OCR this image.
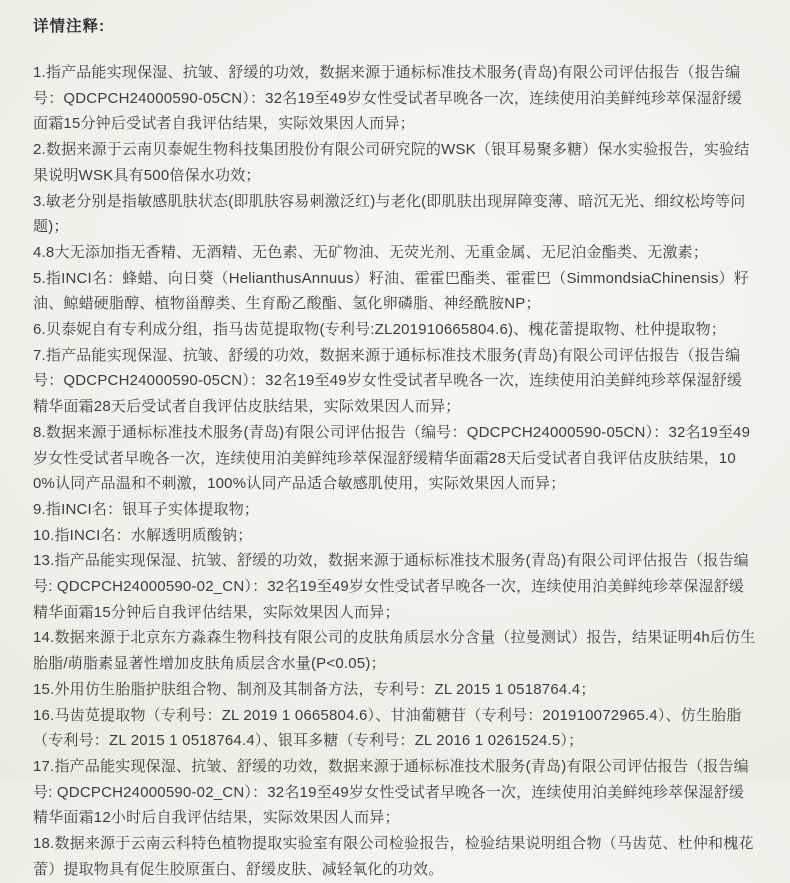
详情注释:

1.指产品能实现保湿、抗皱、舒缓的功效，数据来源于通标标准技术服务(青岛)有限公司评估报告（报告编号：QDCPCH24000590-05CN）：32名19至49岁女性受试者早晚各一次，连续使用泊美鲜纯珍萃保湿舒缓面霜15分钟后受试者自我评估结果，实际效果因人而异；

2.数据来源于云南贝泰妮生物科技集团股份有限公司研究院的WSK（银耳易聚多糖）保水实验报告，实验结果说明WSK具有500倍保水功效；

3.敏老分别是指敏感肌肤状态(即肌肤容易刺激泛红)与老化(即肌肤出现屏障变薄、暗沉无光、细纹松垮等问题)；

4.8大无添加指无香精、无酒精、无色素、无矿物油、无荧光剂、无重金属、无尼泊金酯类、无激素；

5.指INCI名：蜂蜡、向日葵（HelianthusAnnuus）籽油、霍霍巴酯类、霍霍巴（SimmondsiaChinensis）籽油、鲸蜡硬脂醇、植物甾醇类、生育酚乙酸酯、氢化卵磷脂、神经酰胺NP；

6.贝泰妮自有专利成分组，指马齿苋提取物(专利号:ZL201910665804.6)、槐花蕾提取物、杜仲提取物；

7.指产品能实现保湿、抗皱、舒缓的功效，数据来源于通标标准技术服务(青岛)有限公司评估报告（报告编号：QDCPCH24000590-05CN）：32名19至49岁女性受试者早晚各一次，连续使用泊美鲜纯珍萃保湿舒缓精华面霜28天后受试者自我评估皮肤结果，实际效果因人而异；

8.数据来源于通标标准技术服务(青岛)有限公司评估报告（编号：QDCPCH24000590-05CN）：32名19至49岁女性受试者早晚各一次，连续使用泊美鲜纯珍萃保湿舒缓精华面霜28天后受试者自我评估皮肤结果，100%认同产品温和不刺激，100%认同产品适合敏感肌使用，实际效果因人而异；

9.指INCI名：银耳子实体提取物；

10.指INCI名：水解透明质酸钠；

13.指产品能实现保湿、抗皱、舒缓的功效，数据来源于通标标准技术服务(青岛)有限公司评估报告（报告编号: QDCPCH24000590-02_CN）：32名19至49岁女性受试者早晚各一次，连续使用泊美鲜纯珍萃保湿舒缓精华面霜15分钟后自我评估结果，实际效果因人而异；

14.数据来源于北京东方淼森生物科技有限公司的皮肤角质层水分含量（拉曼测试）报告，结果证明4h后仿生胎脂/萌脂素显著性增加皮肤角质层含水量(P<0.05)；

15.外用仿生胎脂护肤组合物、制剂及其制备方法，专利号：ZL 2015 1 0518764.4；

16.马齿苋提取物（专利号：ZL 2019 1 0665804.6）、甘油葡糖苷（专利号：201910072965.4）、仿生胎脂（专利号：ZL 2015 1 0518764.4）、银耳多糖（专利号：ZL 2016 1 0261524.5）；

17.指产品能实现保湿、抗皱、舒缓的功效，数据来源于通标标准技术服务(青岛)有限公司评估报告（报告编号: QDCPCH24000590-02_CN）：32名19至49岁女性受试者早晚各一次，连续使用泊美鲜纯珍萃保湿舒缓精华面霜12小时后自我评估结果，实际效果因人而异；

18.数据来源于云南云科特色植物提取实验室有限公司检验报告，检验结果说明组合物（马齿苋、杜仲和槐花蕾）提取物具有促生胶原蛋白、舒缓皮肤、减轻氧化的功效。
